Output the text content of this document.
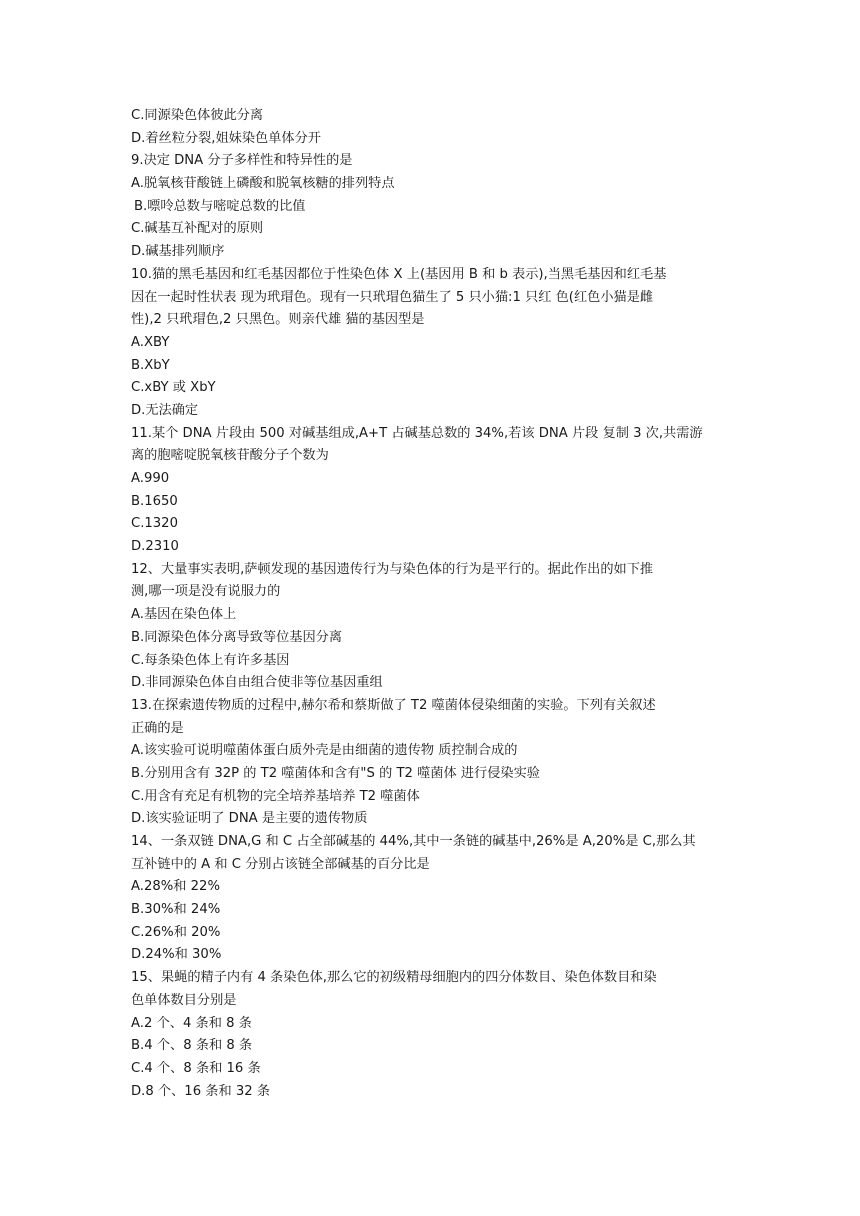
C.同源染色体彼此分离
D.着丝粒分裂,姐妹染色单体分开
9.决定 DNA 分子多样性和特异性的是
A.脱氧核苷酸链上磷酸和脱氧核糖的排列特点
B.嘌呤总数与嘧啶总数的比值
C.碱基互补配对的原则
D.碱基排列顺序
10.猫的黑毛基因和红毛基因都位于性染色体 X 上(基因用 B 和 b 表示),当黑毛基因和红毛基
因在一起时性状表 现为玳瑁色。现有一只玳瑁色猫生了 5 只小猫:1 只红 色(红色小猫是雌
性),2 只玳瑁色,2 只黑色。则亲代雄 猫的基因型是
A.XBY
B.XbY
C.xBY 或 XbY
D.无法确定
11.某个 DNA 片段由 500 对碱基组成,A+T 占碱基总数的 34%,若该 DNA 片段 复制 3 次,共需游
离的胞嘧啶脱氧核苷酸分子个数为
A.990
B.1650
C.1320
D.2310
12、大量事实表明,萨顿发现的基因遗传行为与染色体的行为是平行的。据此作出的如下推
测,哪一项是没有说服力的
A.基因在染色体上
B.同源染色体分离导致等位基因分离
C.每条染色体上有许多基因
D.非同源染色体自由组合使非等位基因重组
13.在探索遗传物质的过程中,赫尔希和蔡斯做了 T2 噬菌体侵染细菌的实验。下列有关叙述
正确的是
A.该实验可说明噬菌体蛋白质外壳是由细菌的遗传物 质控制合成的
B.分别用含有 32P 的 T2 噬菌体和含有"S 的 T2 噬菌体 进行侵染实验
C.用含有充足有机物的完全培养基培养 T2 噬菌体
D.该实验证明了 DNA 是主要的遗传物质
14、一条双链 DNA,G 和 C 占全部碱基的 44%,其中一条链的碱基中,26%是 A,20%是 C,那么其
互补链中的 A 和 C 分别占该链全部碱基的百分比是
A.28%和 22%
B.30%和 24%
C.26%和 20%
D.24%和 30%
15、果蝇的精子内有 4 条染色体,那么它的初级精母细胞内的四分体数目、染色体数目和染
色单体数目分别是
A.2 个、4 条和 8 条
B.4 个、8 条和 8 条
C.4 个、8 条和 16 条
D.8 个、16 条和 32 条
